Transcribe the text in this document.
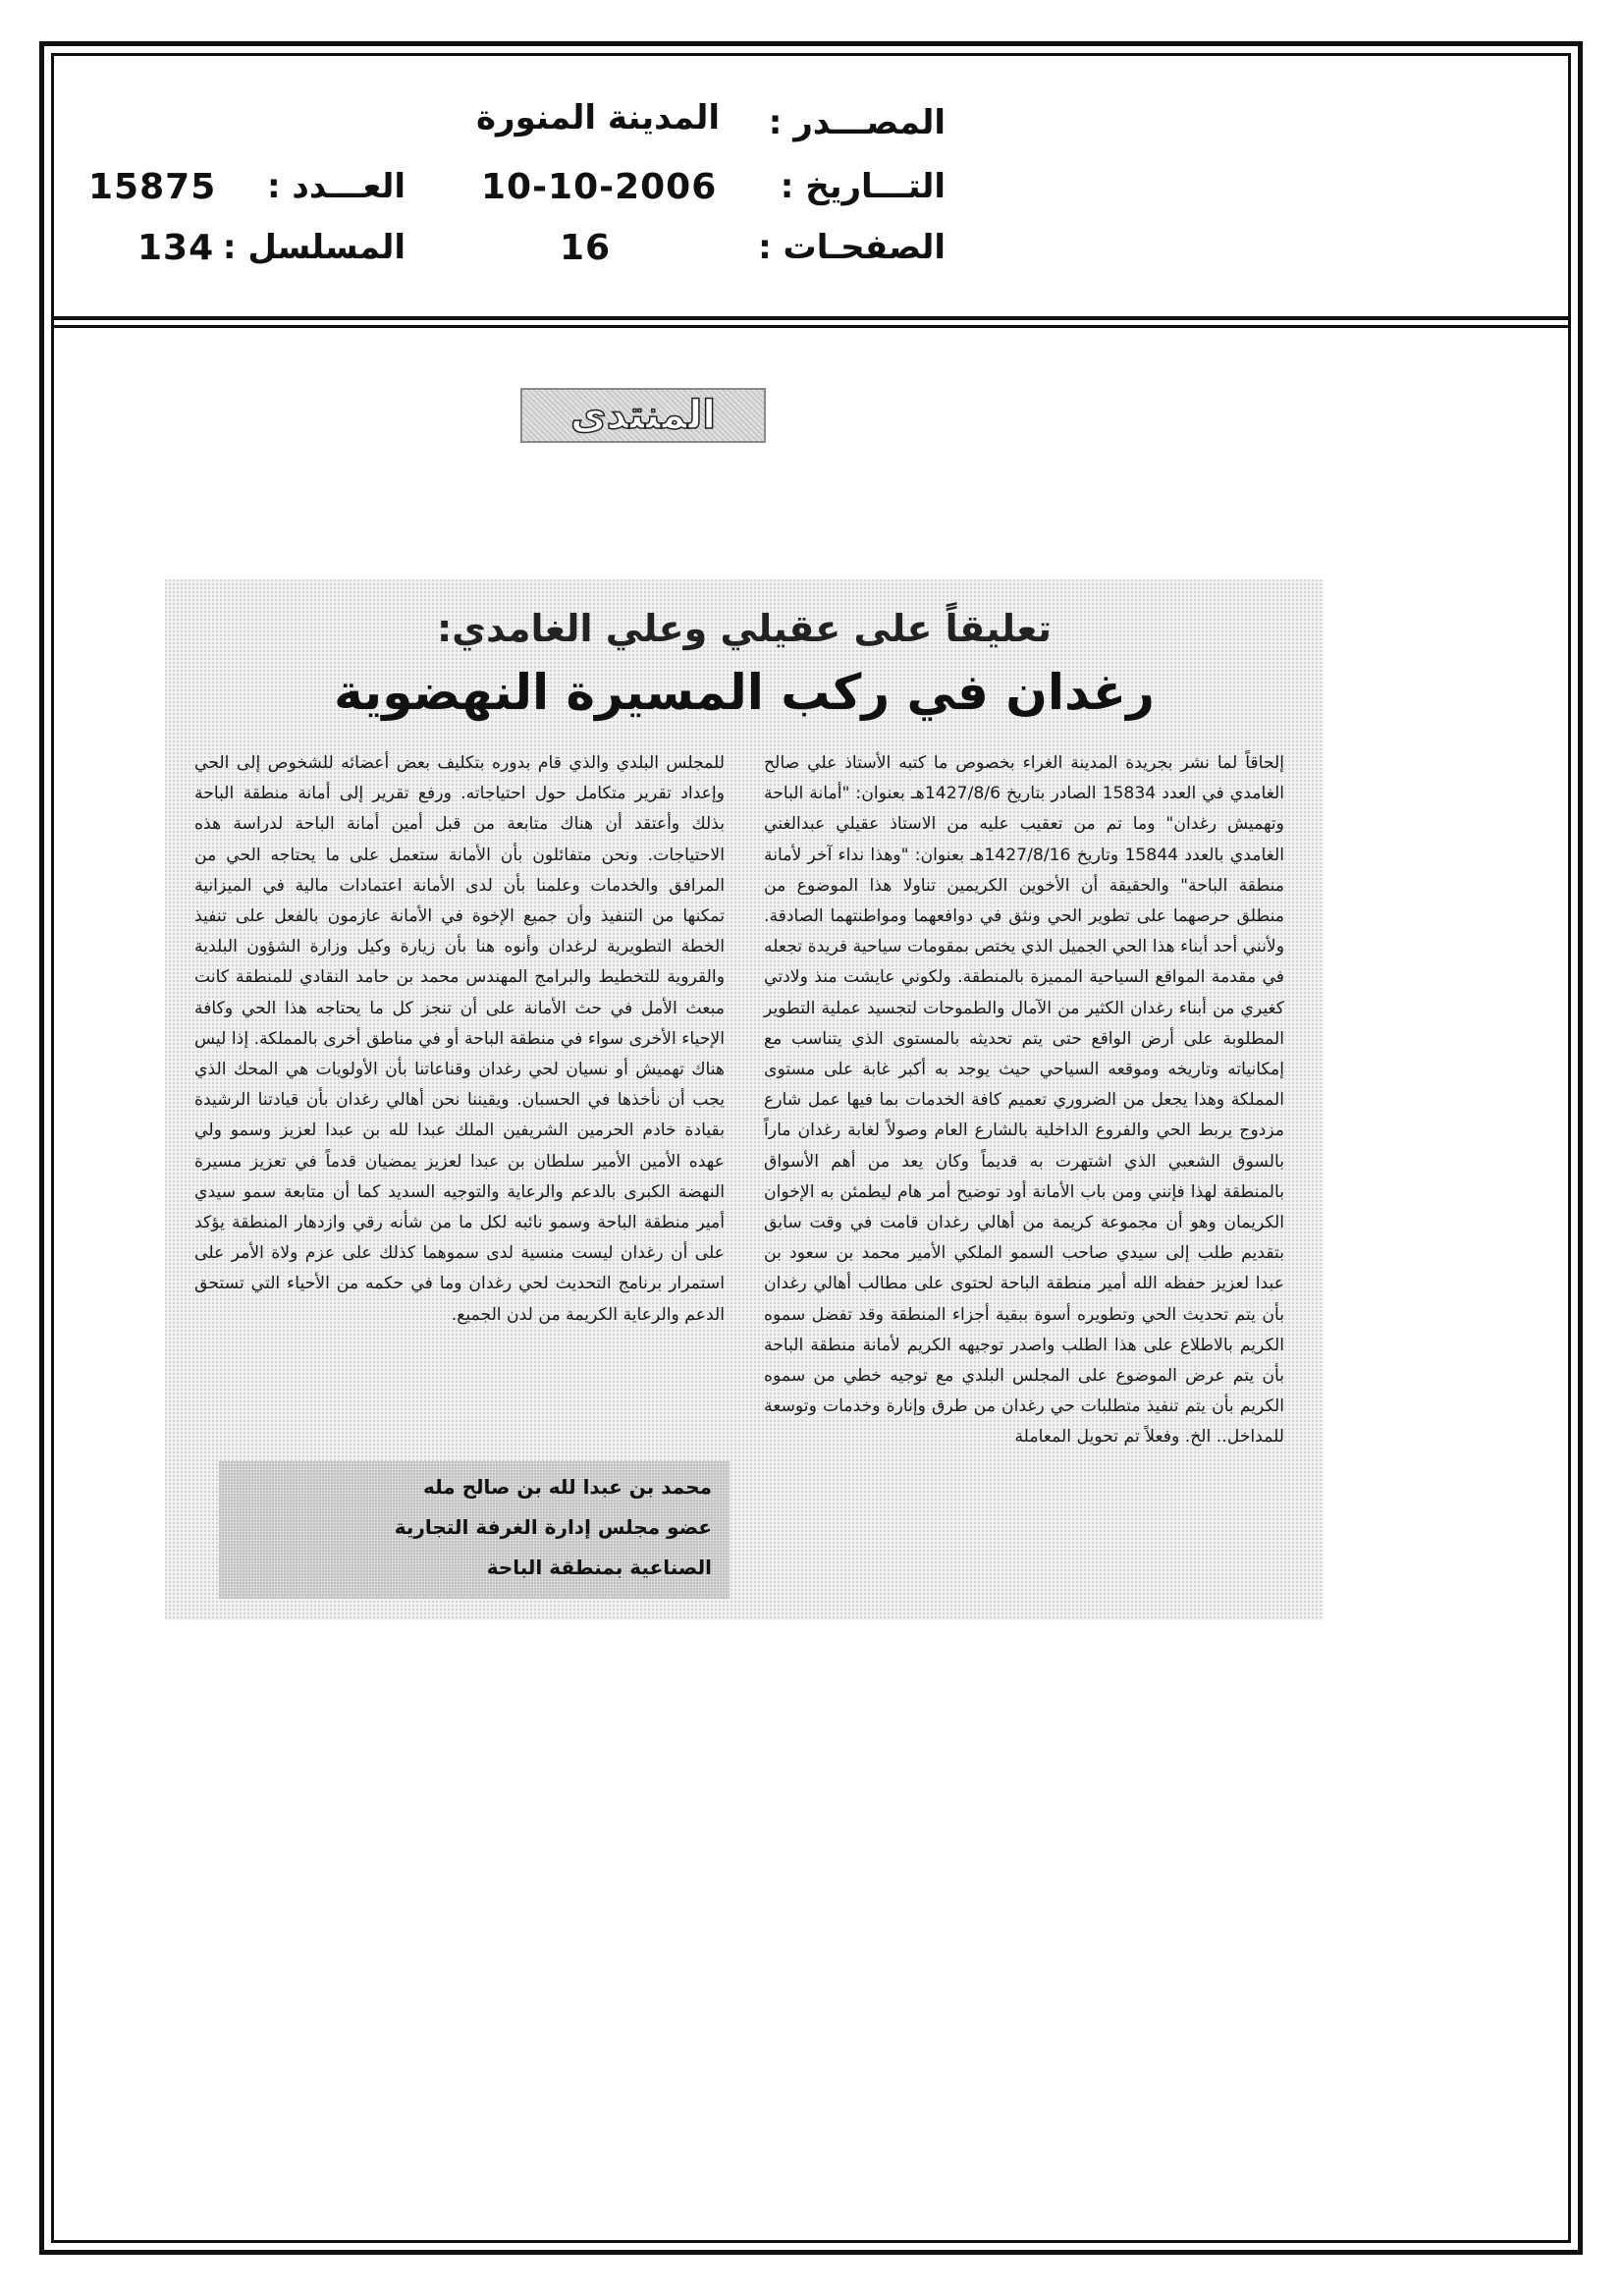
المصـــدر :
المدينة المنورة
التـــاريخ :
10-10-2006
العـــدد :
15875
الصفحـات :
16
المسلسل :
134
المنتدى
تعليقاً على عقيلي وعلي الغامدي:
رغدان في ركب المسيرة النهضوية

إلحاقاً لما نشر بجريدة المدينة الغراء بخصوص ما كتبه الأستاذ علي صالح الغامدي في العدد 15834 الصادر بتاريخ 1427/8/6هـ بعنوان: "أمانة الباحة وتهميش رغدان" وما تم من تعقيب عليه من الاستاذ عقيلي عبدالغني الغامدي بالعدد 15844 وتاريخ 1427/8/16هـ بعنوان: "وهذا نداء آخر لأمانة منطقة الباحة" والحقيقة أن الأخوين الكريمين تناولا هذا الموضوع من منطلق حرصهما على تطوير الحي ونثق في دوافعهما ومواطنتهما الصادقة. ولأنني أحد أبناء هذا الحي الجميل الذي يختص بمقومات سياحية فريدة تجعله في مقدمة المواقع السياحية المميزة بالمنطقة. ولكوني عايشت منذ ولادتي كغيري من أبناء رغدان الكثير من الآمال والطموحات لتجسيد عملية التطوير المطلوبة على أرض الواقع حتى يتم تحديثه بالمستوى الذي يتناسب مع إمكانياته وتاريخه وموقعه السياحي حيث يوجد به أكبر غابة على مستوى المملكة وهذا يجعل من الضروري تعميم كافة الخدمات بما فيها عمل شارع مزدوج يربط الحي والفروع الداخلية بالشارع العام وصولاً لغابة رغدان ماراً بالسوق الشعبي الذي اشتهرت به قديماً وكان يعد من أهم الأسواق بالمنطقة لهذا فإنني ومن باب الأمانة أود توضيح أمر هام ليطمئن به الإخوان الكريمان وهو أن مجموعة كريمة من أهالي رغدان قامت في وقت سابق بتقديم طلب إلى سيدي صاحب السمو الملكي الأمير محمد بن سعود بن عبدا لعزيز حفظه الله أمير منطقة الباحة لحتوى على مطالب أهالي رغدان بأن يتم تحديث الحي وتطويره أسوة ببقية أجزاء المنطقة وقد تفضل سموه الكريم بالاطلاع على هذا الطلب واصدر توجيهه الكريم لأمانة منطقة الباحة بأن يتم عرض الموضوع على المجلس البلدي مع توجيه خطي من سموه الكريم بأن يتم تنفيذ متطلبات حي رغدان من طرق وإنارة وخدمات وتوسعة للمداخل.. الخ. وفعلاً تم تحويل المعاملة

للمجلس البلدي والذي قام بدوره بتكليف بعض أعضائه للشخوص إلى الحي وإعداد تقرير متكامل حول احتياجاته. ورفع تقرير إلى أمانة منطقة الباحة بذلك وأعتقد أن هناك متابعة من قبل أمين أمانة الباحة لدراسة هذه الاحتياجات. ونحن متفائلون بأن الأمانة ستعمل على ما يحتاجه الحي من المرافق والخدمات وعلمنا بأن لدى الأمانة اعتمادات مالية في الميزانية تمكنها من التنفيذ وأن جميع الإخوة في الأمانة عازمون بالفعل على تنفيذ الخطة التطويرية لرغدان وأنوه هنا بأن زيارة وكيل وزارة الشؤون البلدية والقروية للتخطيط والبرامج المهندس محمد بن حامد النقادي للمنطقة كانت مبعث الأمل في حث الأمانة على أن تنجز كل ما يحتاجه هذا الحي وكافة الإحياء الأخرى سواء في منطقة الباحة أو في مناطق أخرى بالمملكة. إذا ليس هناك تهميش أو نسيان لحي رغدان وقناعاتنا بأن الأولويات هي المحك الذي يجب أن نأخذها في الحسبان. ويقيننا نحن أهالي رغدان بأن قيادتنا الرشيدة بقيادة خادم الحرمين الشريفين الملك عبدا لله بن عبدا لعزيز وسمو ولي عهده الأمين الأمير سلطان بن عبدا لعزيز يمضيان قدماً في تعزيز مسيرة النهضة الكبرى بالدعم والرعاية والتوجيه السديد كما أن متابعة سمو سيدي أمير منطقة الباحة وسمو نائبه لكل ما من شأنه رقي وازدهار المنطقة يؤكد على أن رغدان ليست منسية لدى سموهما كذلك على عزم ولاة الأمر على استمرار برنامج التحديث لحي رغدان وما في حكمه من الأحياء التي تستحق الدعم والرعاية الكريمة من لدن الجميع.

محمد بن عبدا لله بن صالح مله
عضو مجلس إدارة الغرفة التجارية
الصناعية بمنطقة الباحة
